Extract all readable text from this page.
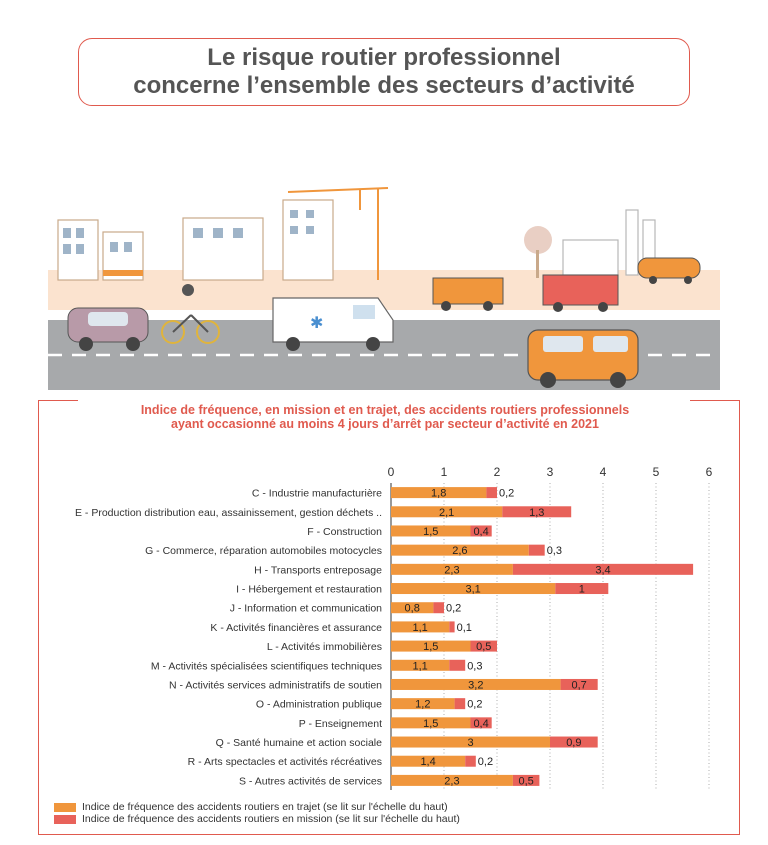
Le risque routier professionnel
concerne l’ensemble des secteurs d’activité
✱
Indice de fréquence, en mission et en trajet, des accidents routiers professionnels
ayant occasionné au moins 4 jours d’arrêt par secteur d’activité en 2021
0	1	2	3	4	5	6
C - Industrie manufacturière	1,8	0,2
E - Production distribution eau, assainissement, gestion déchets ..	2,1	1,3
F - Construction	1,5	0,4
G - Commerce, réparation automobiles motocycles	2,6	0,3
H - Transports entreposage	2,3	3,4
I - Hébergement et restauration	3,1	1
J - Information et communication 0,8 0,2
K - Activités financières et assurance	1,1	0,1
L - Activités immobilières	1,5	0,5
M - Activités spécialisées scientifiques techniques	1,1	0,3
N - Activités services administratifs de soutien	3,2	0,7
O - Administration publique	1,2	0,2
P - Enseignement	1,5	0,4
Q - Santé humaine et action sociale	3	0,9
R - Arts spectacles et activités récréatives	1,4	0,2
S - Autres activités de services	2,3	0,5
Indice de fréquence des accidents routiers en trajet (se lit sur l'échelle du haut)
Indice de fréquence des accidents routiers en mission (se lit sur l'échelle du haut)
